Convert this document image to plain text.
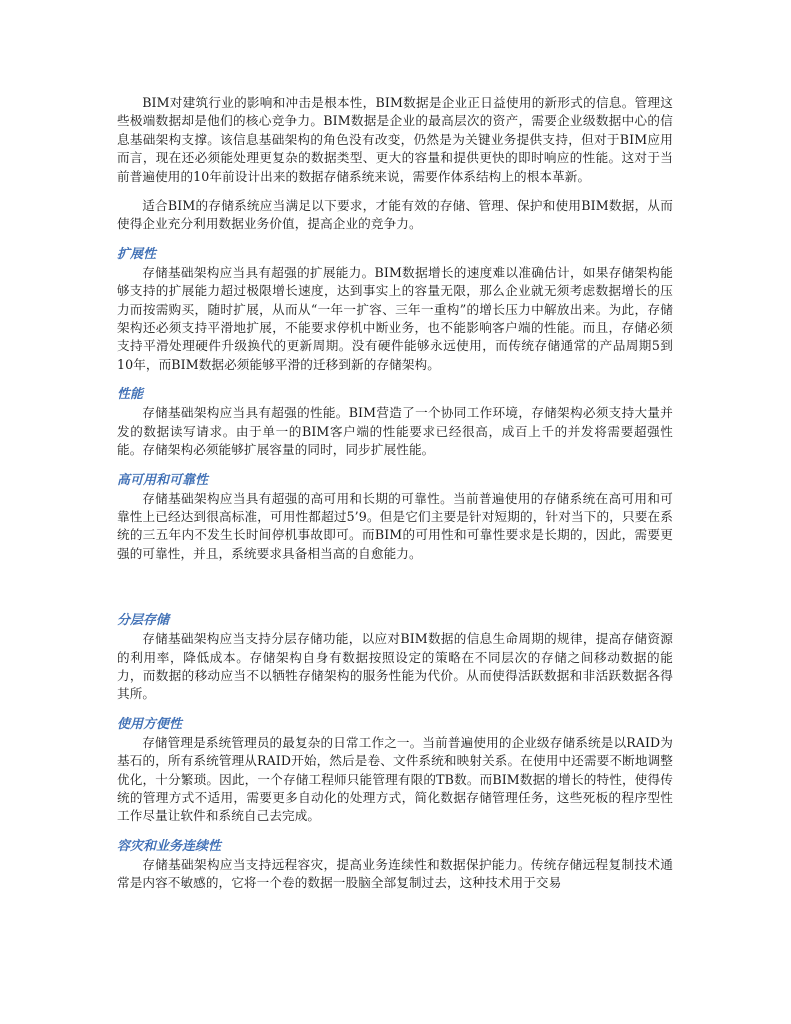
BIM对建筑行业的影响和冲击是根本性，BIM数据是企业正日益使用的新形式的信息。管理这些极端数据却是他们的核心竞争力。BIM数据是企业的最高层次的资产，需要企业级数据中心的信息基础架构支撑。该信息基础架构的角色没有改变，仍然是为关键业务提供支持，但对于BIM应用而言，现在还必须能处理更复杂的数据类型、更大的容量和提供更快的即时响应的性能。这对于当前普遍使用的10年前设计出来的数据存储系统来说，需要作体系结构上的根本革新。

适合BIM的存储系统应当满足以下要求，才能有效的存储、管理、保护和使用BIM数据，从而使得企业充分利用数据业务价值，提高企业的竞争力。

扩展性

存储基础架构应当具有超强的扩展能力。BIM数据增长的速度难以准确估计，如果存储架构能够支持的扩展能力超过极限增长速度，达到事实上的容量无限，那么企业就无须考虑数据增长的压力而按需购买，随时扩展，从而从“一年一扩容、三年一重构”的增长压力中解放出来。为此，存储架构还必须支持平滑地扩展，不能要求停机中断业务，也不能影响客户端的性能。而且，存储必须支持平滑处理硬件升级换代的更新周期。没有硬件能够永远使用，而传统存储通常的产品周期5到10年，而BIM数据必须能够平滑的迁移到新的存储架构。

性能

存储基础架构应当具有超强的性能。BIM营造了一个协同工作环境，存储架构必须支持大量并发的数据读写请求。由于单一的BIM客户端的性能要求已经很高，成百上千的并发将需要超强性能。存储架构必须能够扩展容量的同时，同步扩展性能。

高可用和可靠性

存储基础架构应当具有超强的高可用和长期的可靠性。当前普遍使用的存储系统在高可用和可靠性上已经达到很高标准，可用性都超过5’9。但是它们主要是针对短期的，针对当下的，只要在系统的三五年内不发生长时间停机事故即可。而BIM的可用性和可靠性要求是长期的，因此，需要更强的可靠性，并且，系统要求具备相当高的自愈能力。

分层存储

存储基础架构应当支持分层存储功能，以应对BIM数据的信息生命周期的规律，提高存储资源的利用率，降低成本。存储架构自身有数据按照设定的策略在不同层次的存储之间移动数据的能力，而数据的移动应当不以牺牲存储架构的服务性能为代价。从而使得活跃数据和非活跃数据各得其所。

使用方便性

存储管理是系统管理员的最复杂的日常工作之一。当前普遍使用的企业级存储系统是以RAID为基石的，所有系统管理从RAID开始，然后是卷、文件系统和映射关系。在使用中还需要不断地调整优化，十分繁琐。因此，一个存储工程师只能管理有限的TB数。而BIM数据的增长的特性，使得传统的管理方式不适用，需要更多自动化的处理方式，简化数据存储管理任务，这些死板的程序型性工作尽量让软件和系统自己去完成。

容灾和业务连续性

存储基础架构应当支持远程容灾，提高业务连续性和数据保护能力。传统存储远程复制技术通常是内容不敏感的，它将一个卷的数据一股脑全部复制过去，这种技术用于交易
